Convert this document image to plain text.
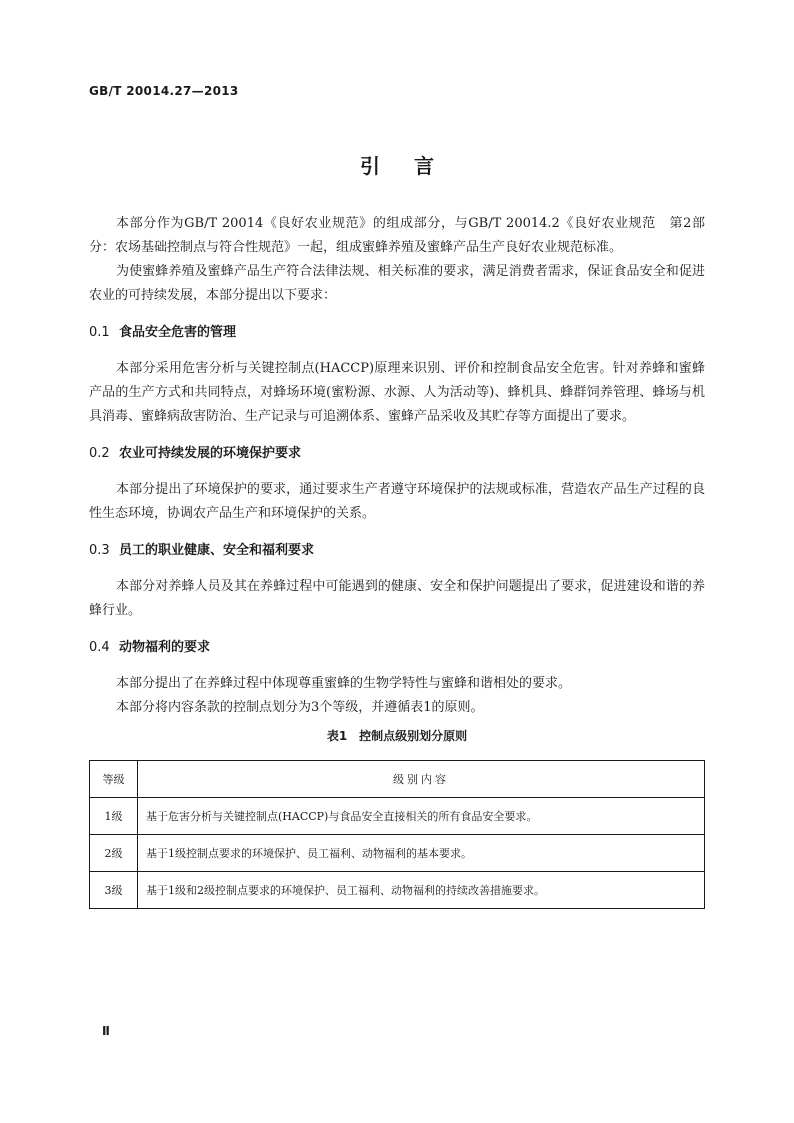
GB/T 20014.27—2013
引言

本部分作为GB/T 20014《良好农业规范》的组成部分，与GB/T 20014.2《良好农业规范　第2部分：农场基础控制点与符合性规范》一起，组成蜜蜂养殖及蜜蜂产品生产良好农业规范标准。

为使蜜蜂养殖及蜜蜂产品生产符合法律法规、相关标准的要求，满足消费者需求，保证食品安全和促进农业的可持续发展，本部分提出以下要求：

0.1 食品安全危害的管理

本部分采用危害分析与关键控制点(HACCP)原理来识别、评价和控制食品安全危害。针对养蜂和蜜蜂产品的生产方式和共同特点，对蜂场环境(蜜粉源、水源、人为活动等)、蜂机具、蜂群饲养管理、蜂场与机具消毒、蜜蜂病敌害防治、生产记录与可追溯体系、蜜蜂产品采收及其贮存等方面提出了要求。

0.2 农业可持续发展的环境保护要求

本部分提出了环境保护的要求，通过要求生产者遵守环境保护的法规或标准，营造农产品生产过程的良性生态环境，协调农产品生产和环境保护的关系。

0.3 员工的职业健康、安全和福利要求

本部分对养蜂人员及其在养蜂过程中可能遇到的健康、安全和保护问题提出了要求，促进建设和谐的养蜂行业。

0.4 动物福利的要求

本部分提出了在养蜂过程中体现尊重蜜蜂的生物学特性与蜜蜂和谐相处的要求。

本部分将内容条款的控制点划分为3个等级，并遵循表1的原则。

表1　控制点级别划分原则
等级	级别内容
1级	基于危害分析与关键控制点(HACCP)与食品安全直接相关的所有食品安全要求。
2级	基于1级控制点要求的环境保护、员工福利、动物福利的基本要求。
3级	基于1级和2级控制点要求的环境保护、员工福利、动物福利的持续改善措施要求。
Ⅱ
